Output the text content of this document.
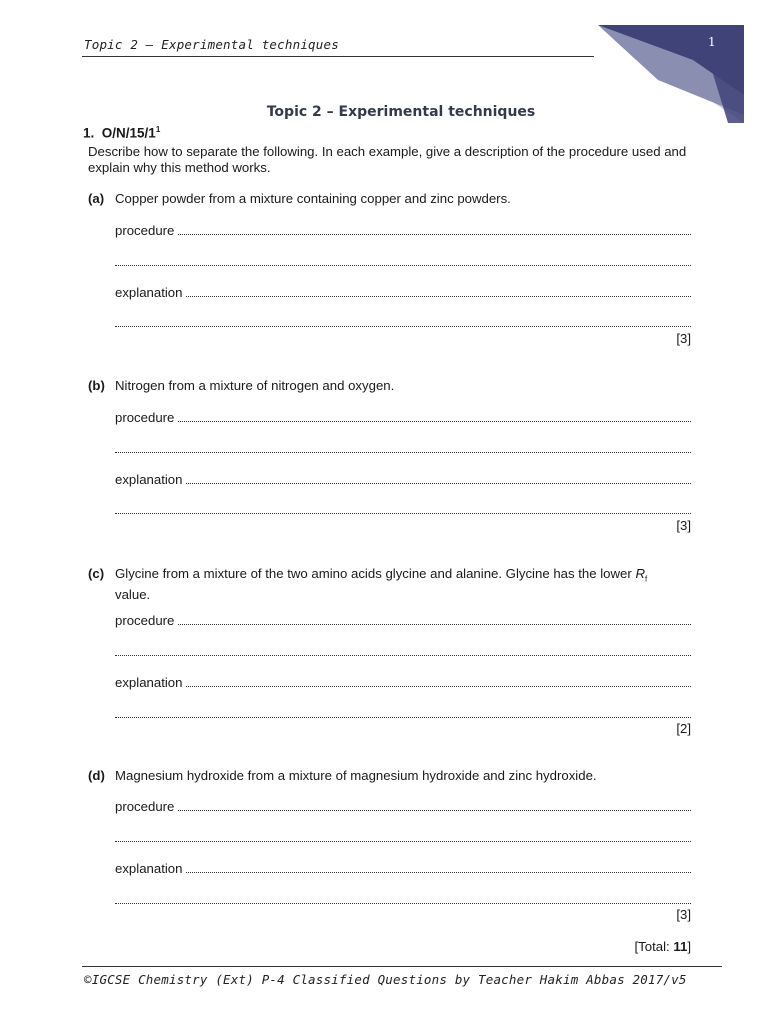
Topic 2 – Experimental techniques	1
Topic 2 – Experimental techniques
1. $O/N/15/1^1$
Describe how to separate the following. In each example, give a description of the procedure used and explain why this method works.
(a) Copper powder from a mixture containing copper and zinc powders.
procedure
explanation
[3]
(b) Nitrogen from a mixture of nitrogen and oxygen.
procedure
explanation
[3]
(c) Glycine from a mixture of the two amino acids glycine and alanine. Glycine has the lower $R_f$
value.
procedure
explanation
[2]
(d) Magnesium hydroxide from a mixture of magnesium hydroxide and zinc hydroxide.
procedure
explanation
[3]
[Total: 11]
©IGCSE Chemistry (Ext) P-4 Classified Questions by Teacher Hakim Abbas 2017/v5
